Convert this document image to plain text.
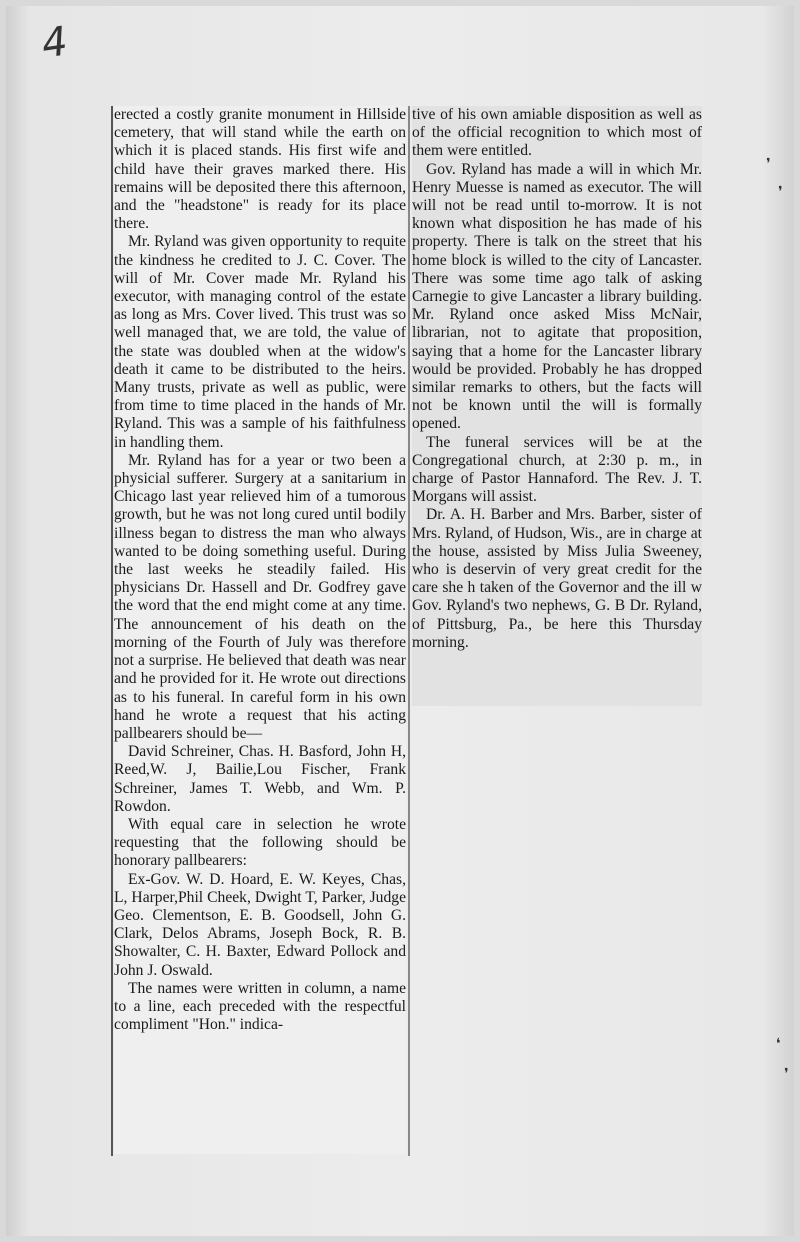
4

erected a costly granite monument in Hillside cemetery, that will stand while the earth on which it is placed stands. His first wife and child have their graves marked there. His remains will be deposited there this afternoon, and the "headstone" is ready for its place there.

Mr. Ryland was given opportunity to requite the kindness he credited to J. C. Cover. The will of Mr. Cover made Mr. Ryland his executor, with managing control of the estate as long as Mrs. Cover lived. This trust was so well managed that, we are told, the value of the state was doubled when at the widow's death it came to be distributed to the heirs. Many trusts, private as well as public, were from time to time placed in the hands of Mr. Ryland. This was a sample of his faithfulness in handling them.

Mr. Ryland has for a year or two been a physicial sufferer. Surgery at a sanitarium in Chicago last year relieved him of a tumorous growth, but he was not long cured until bodily illness began to distress the man who always wanted to be doing something useful. During the last weeks he steadily failed. His physicians Dr. Hassell and Dr. Godfrey gave the word that the end might come at any time. The announcement of his death on the morning of the Fourth of July was therefore not a surprise. He believed that death was near and he provided for it. He wrote out directions as to his funeral. In careful form in his own hand he wrote a request that his acting pallbearers should be—

David Schreiner, Chas. H. Basford, John H, Reed,W. J, Bailie,Lou Fischer, Frank Schreiner, James T. Webb, and Wm. P. Rowdon.

With equal care in selection he wrote requesting that the following should be honorary pallbearers:

Ex-Gov. W. D. Hoard, E. W. Keyes, Chas, L, Harper,Phil Cheek, Dwight T, Parker, Judge Geo. Clementson, E. B. Goodsell, John G. Clark, Delos Abrams, Joseph Bock, R. B. Showalter, C. H. Baxter, Edward Pollock and John J. Oswald.

The names were written in column, a name to a line, each preceded with the respectful compliment "Hon." indica-

tive of his own amiable disposition as well as of the official recognition to which most of them were entitled.

Gov. Ryland has made a will in which Mr. Henry Muesse is named as executor. The will will not be read until to-morrow. It is not known what disposition he has made of his property. There is talk on the street that his home block is willed to the city of Lancaster. There was some time ago talk of asking Carnegie to give Lancaster a library building. Mr. Ryland once asked Miss McNair, librarian, not to agitate that proposition, saying that a home for the Lancaster library would be provided. Probably he has dropped similar remarks to others, but the facts will not be known until the will is formally opened.

The funeral services will be at the Congregational church, at 2:30 p. m., in charge of Pastor Hannaford. The Rev. J. T. Morgans will assist.

Dr. A. H. Barber and Mrs. Barber, sister of Mrs. Ryland, of Hudson, Wis., are in charge at the house, assisted by Miss Julia Sweeney, who is deservin of very great credit for the care she h taken of the Governor and the ill w Gov. Ryland's two nephews, G. B Dr. Ryland, of Pittsburg, Pa., be here this Thursday morning.

❜
❜
❛
❜
